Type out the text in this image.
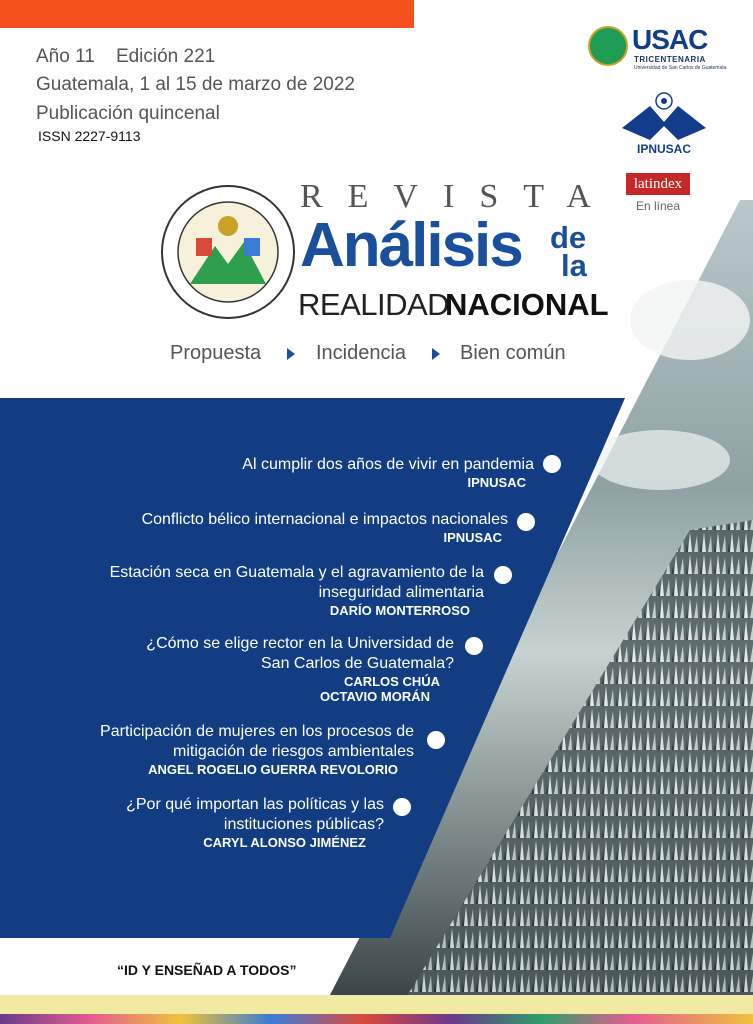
Año 11 Edición 221
Guatemala, 1 al 15 de marzo de 2022
Publicación quincenal
ISSN 2227-9113
USAC
TRICENTENARIA
Universidad de San Carlos de Guatemala
IPNUSAC
latindex
En línea
REVISTA
Análisis de
la
REALIDAD
NACIONAL
Propuesta	Incidencia	Bien común
Al cumplir dos años de vivir en pandemia
IPNUSAC
Conflicto bélico internacional e impactos nacionales
IPNUSAC
Estación seca en Guatemala y el agravamiento de la
inseguridad alimentaria
DARÍO MONTERROSO
¿Cómo se elige rector en la Universidad de
San Carlos de Guatemala?
CARLOS CHÚA
OCTAVIO MORÁN
Participación de mujeres en los procesos de
mitigación de riesgos ambientales
ANGEL ROGELIO GUERRA REVOLORIO
¿Por qué importan las políticas y las
instituciones públicas?
CARYL ALONSO JIMÉNEZ
“ID Y ENSEÑAD A TODOS”
